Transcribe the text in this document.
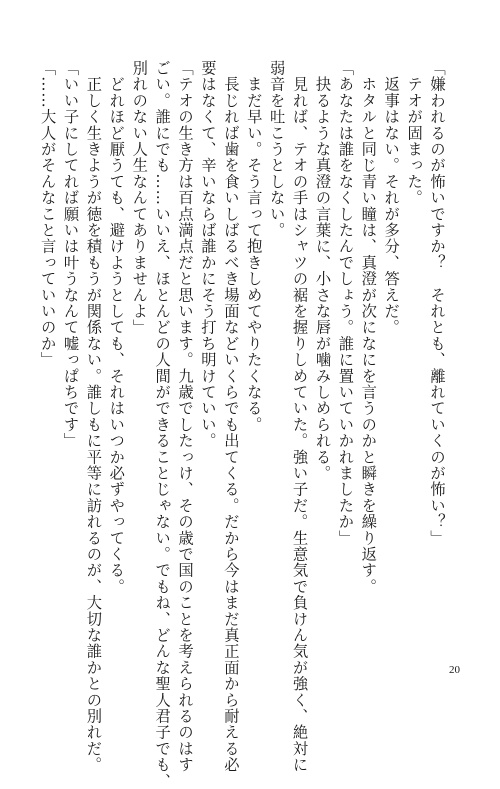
「嫌われるのが怖いですか？　それとも、離れていくのが怖い？」
　テオが固まった。
　返事はない。それが多分、答えだ。
　ホタルと同じ青い瞳は、真澄が次になにを言うのかと瞬きを繰り返す。
「あなたは誰をなくしたんでしょう。誰に置いていかれましたか」
　抉るような真澄の言葉に、小さな唇が噛みしめられる。
　見れば、テオの手はシャツの裾を握りしめていた。強い子だ。生意気で負けん気が強く、絶対に
弱音を吐こうとしない。
　まだ早い。そう言って抱きしめてやりたくなる。
　長じれば歯を食いしばるべき場面などいくらでも出てくる。だから今はまだ真正面から耐える必
要はなくて、辛いならば誰かにそう打ち明けていい。
「テオの生き方は百点満点だと思います。九歳でしたっけ、その歳で国のことを考えられるのはす
ごい。誰にでも……いいえ、ほとんどの人間ができることじゃない。でもね、どんな聖人君子でも、
別れのない人生なんてありませんよ」
　どれほど厭うても、避けようとしても、それはいつか必ずやってくる。
　正しく生きようが徳を積もうが関係ない。誰しもに平等に訪れるのが、大切な誰かとの別れだ。
「いい子にしてれば願いは叶うなんて嘘っぱちです」
「……大人がそんなこと言っていいのか」
20
